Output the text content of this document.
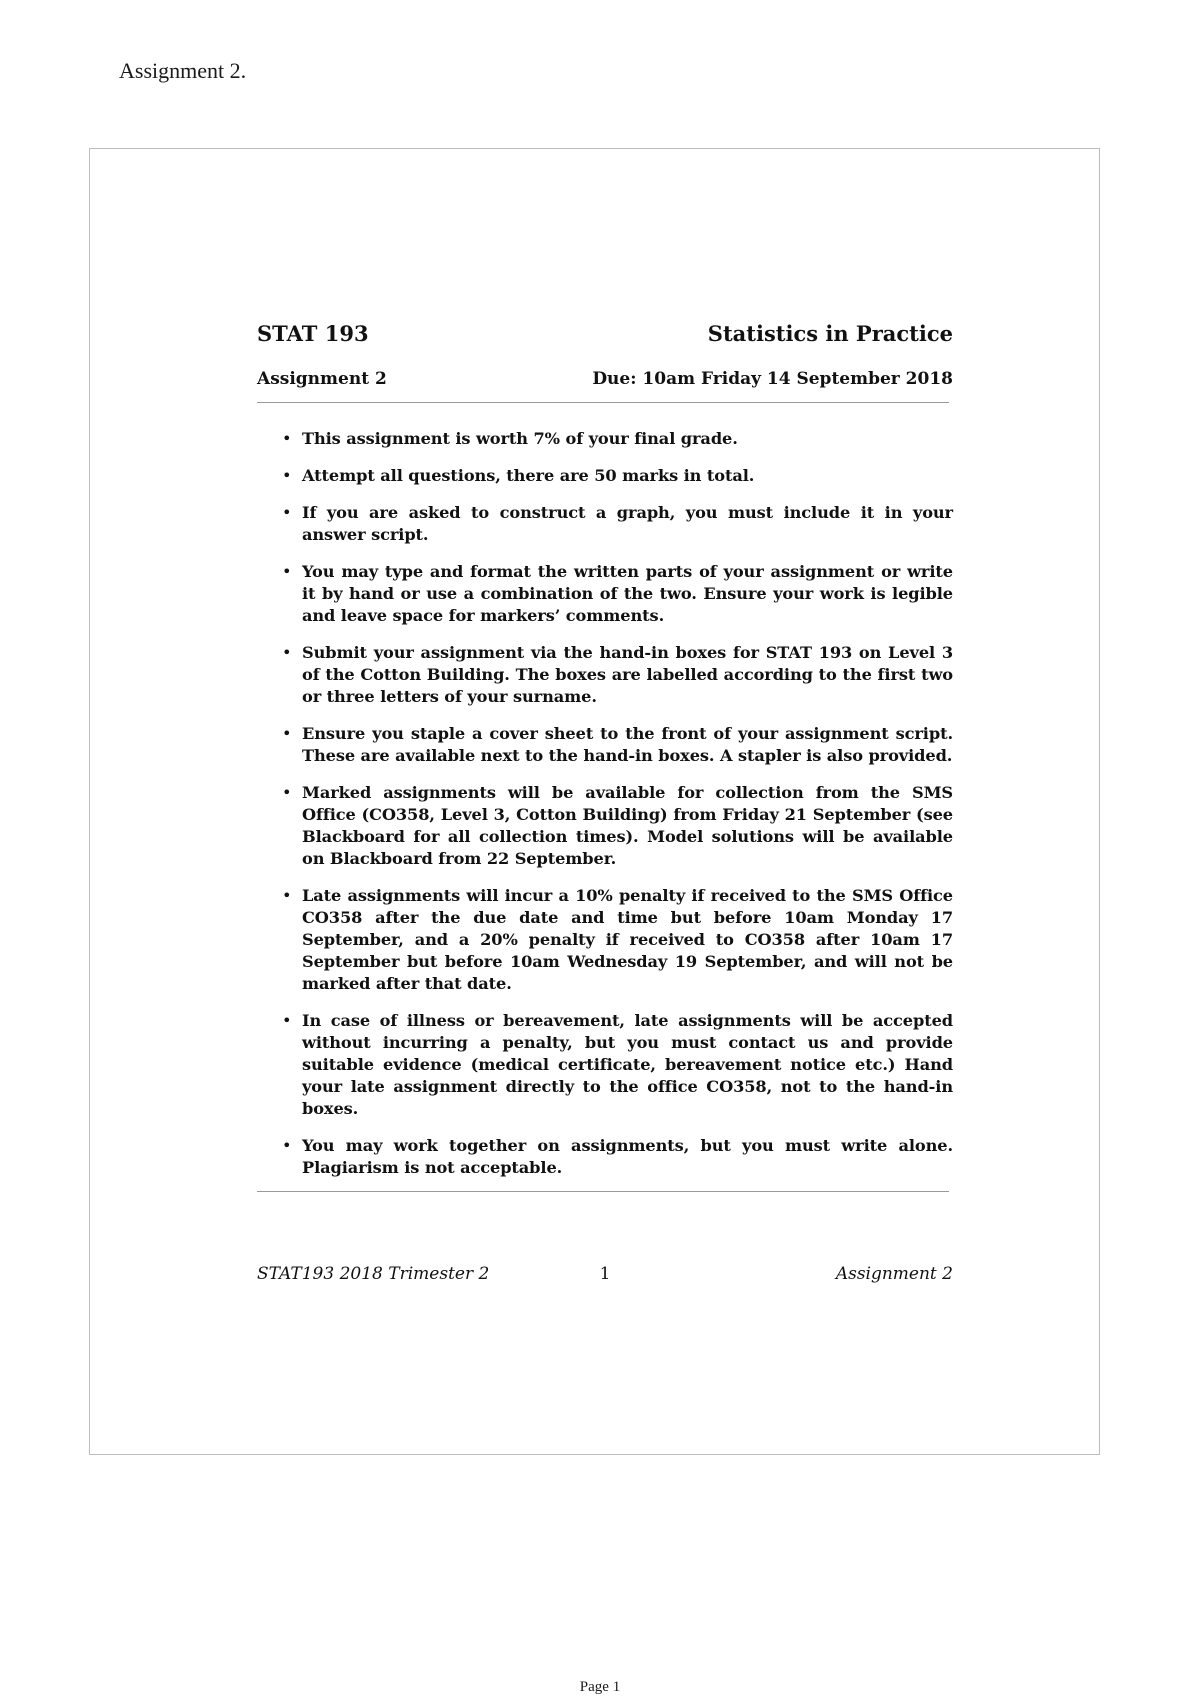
Assignment 2.
STAT 193	Statistics in Practice
Assignment 2	Due: 10am Friday 14 September 2018
• This assignment is worth 7% of your final grade.
• Attempt all questions, there are 50 marks in total.
• If you are asked to construct a graph, you must include it in your answer script.
• You may type and format the written parts of your assignment or write it by hand or use a combination of the two. Ensure your work is legible and leave space for markers’ comments.
• Submit your assignment via the hand-in boxes for STAT 193 on Level 3 of the Cotton Building. The boxes are labelled according to the first two or three letters of your surname.
• Ensure you staple a cover sheet to the front of your assignment script. These are available next to the hand-in boxes. A stapler is also provided.
• Marked assignments will be available for collection from the SMS Office (CO358, Level 3, Cotton Building) from Friday 21 September (see Blackboard for all collection times). Model solutions will be available on Blackboard from 22 September.
• Late assignments will incur a 10% penalty if received to the SMS Office CO358 after the due date and time but before 10am Monday 17 September, and a 20% penalty if received to CO358 after 10am 17 September but before 10am Wednesday 19 September, and will not be marked after that date.
• In case of illness or bereavement, late assignments will be accepted without incurring a penalty, but you must contact us and provide suitable evidence (medical certificate, bereavement notice etc.) Hand your late assignment directly to the office CO358, not to the hand-in boxes.
• You may work together on assignments, but you must write alone. Plagiarism is not acceptable.
STAT193 2018 Trimester 2	1	Assignment 2
Page 1
